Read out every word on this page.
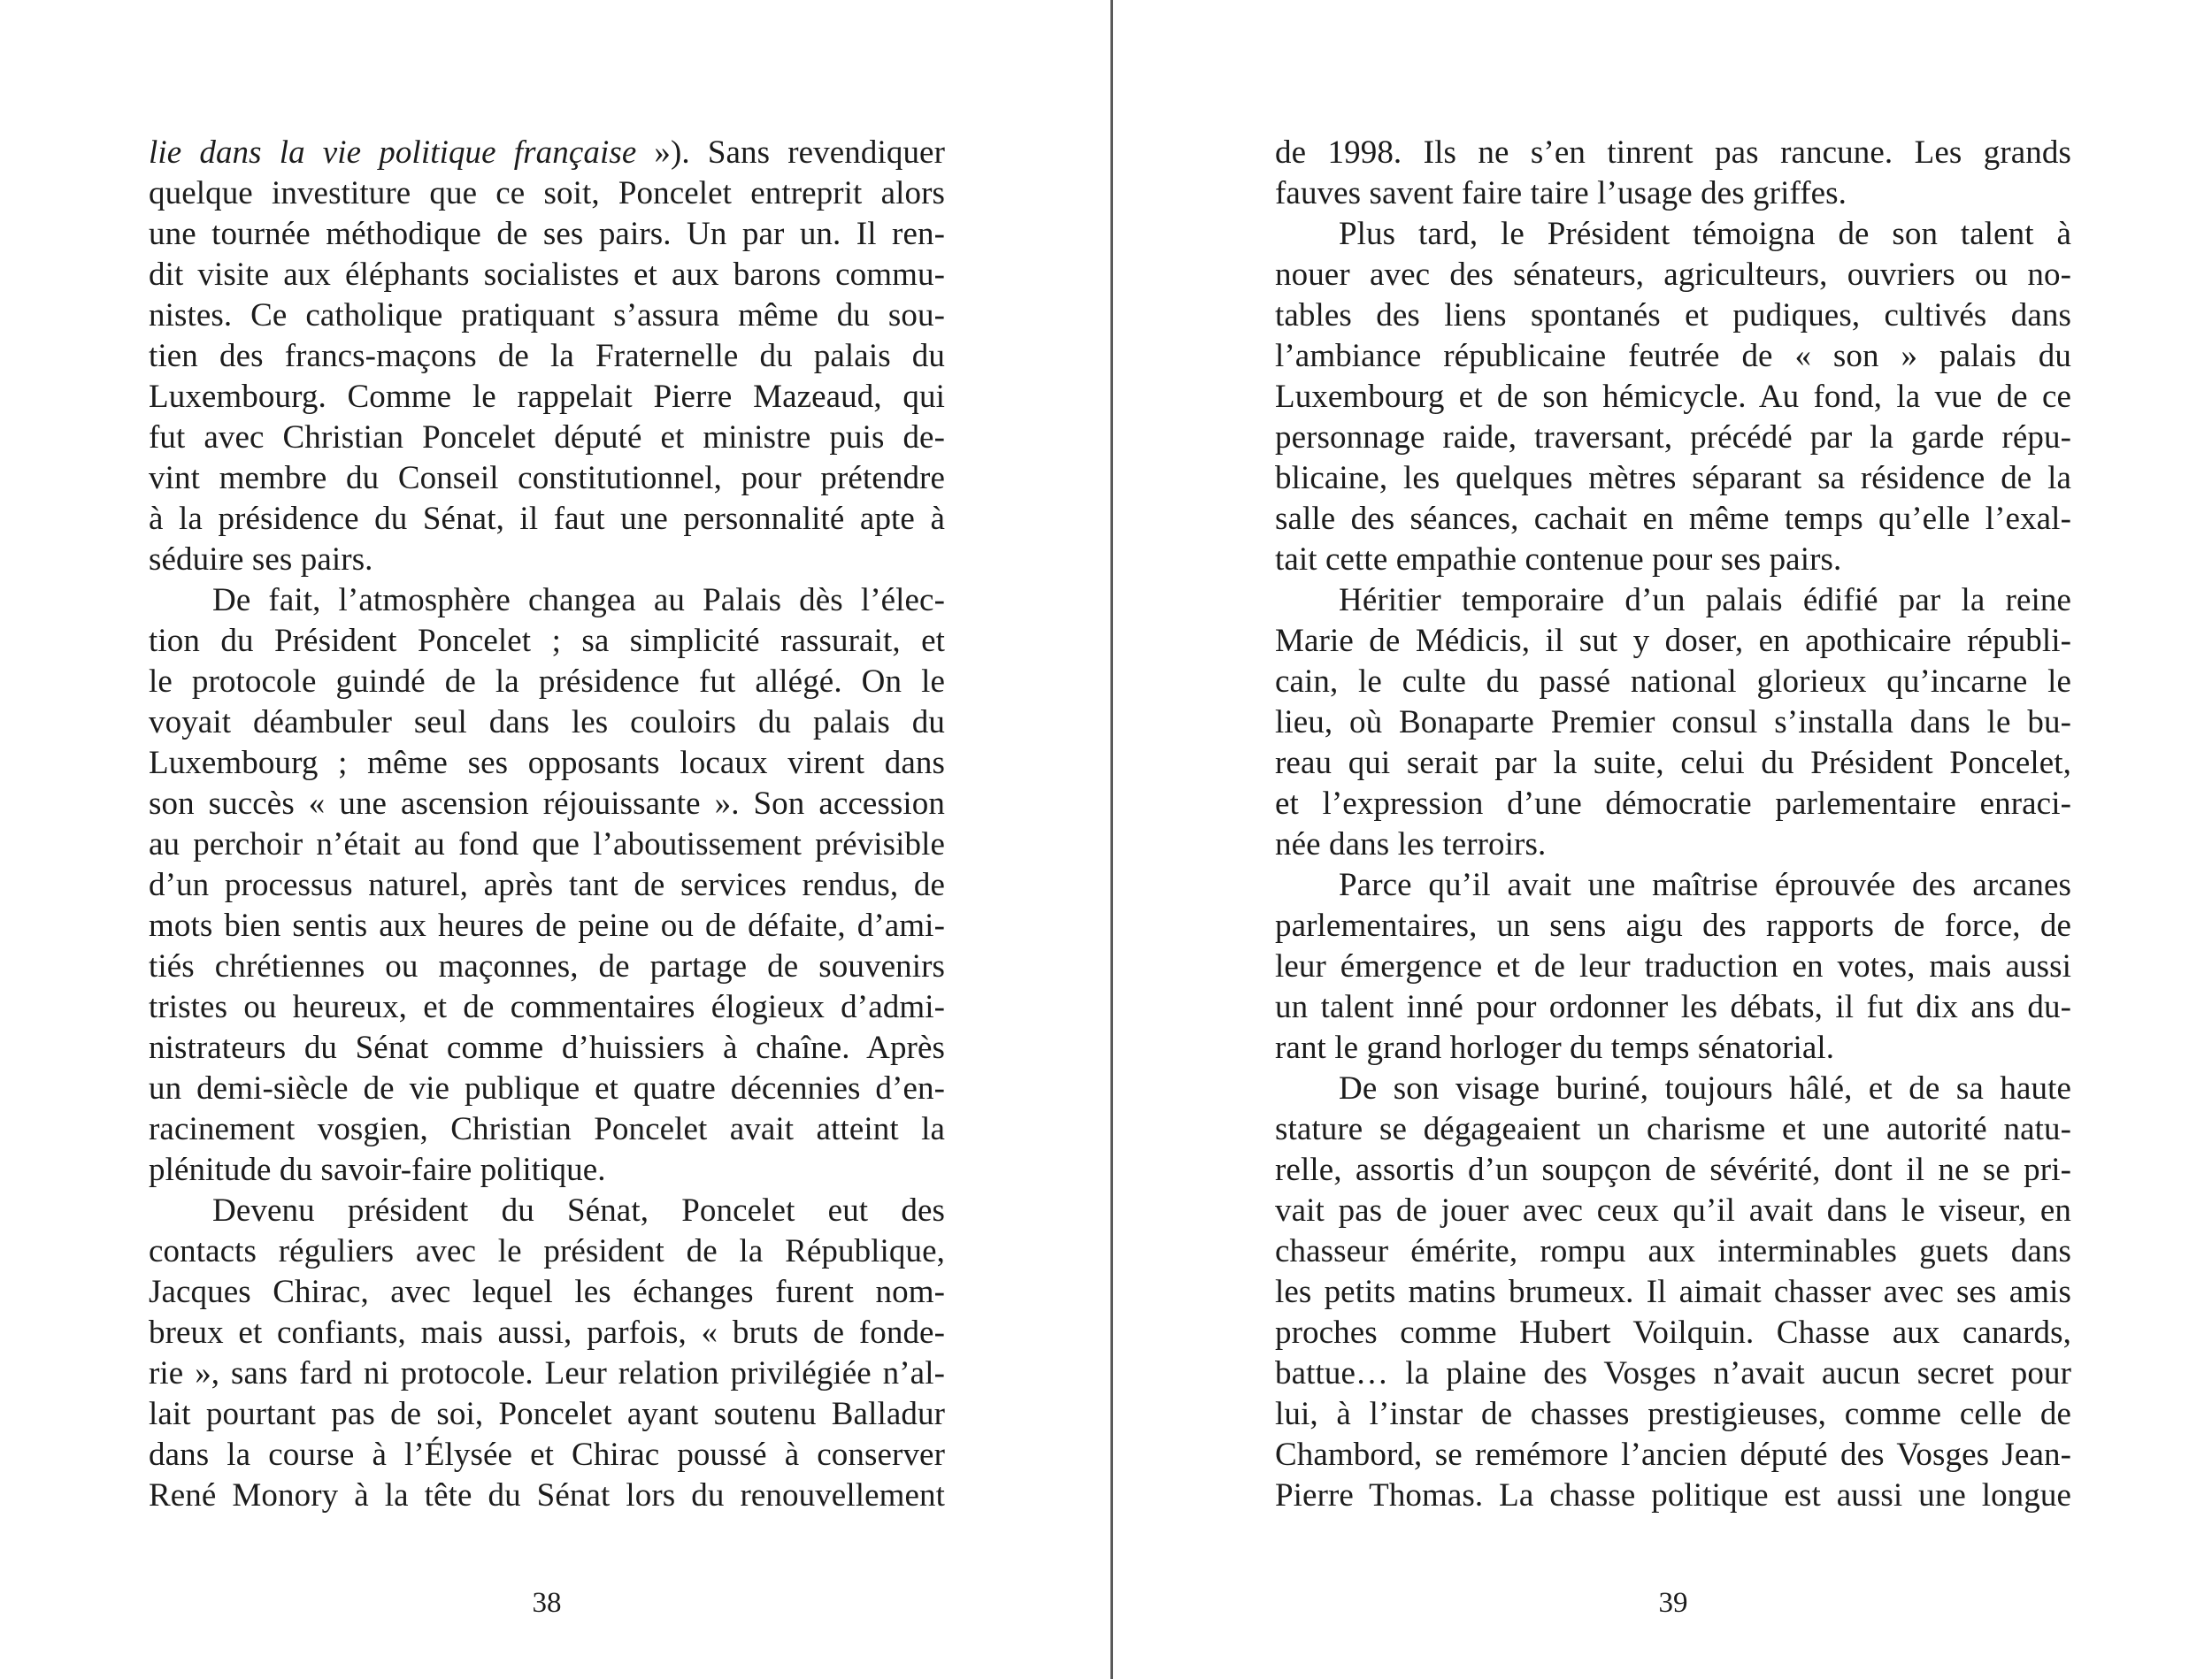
lie dans la vie politique française »). Sans revendiquer
quelque investiture que ce soit, Poncelet entreprit alors
une tournée méthodique de ses pairs. Un par un. Il ren-
dit visite aux éléphants socialistes et aux barons commu-
nistes. Ce catholique pratiquant s’assura même du sou-
tien des francs-maçons de la Fraternelle du palais du
Luxembourg. Comme le rappelait Pierre Mazeaud, qui
fut avec Christian Poncelet député et ministre puis de-
vint membre du Conseil constitutionnel, pour prétendre
à la présidence du Sénat, il faut une personnalité apte à
séduire ses pairs.
De fait, l’atmosphère changea au Palais dès l’élec-
tion du Président Poncelet ; sa simplicité rassurait, et
le protocole guindé de la présidence fut allégé. On le
voyait déambuler seul dans les couloirs du palais du
Luxembourg ; même ses opposants locaux virent dans
son succès « une ascension réjouissante ». Son accession
au perchoir n’était au fond que l’aboutissement prévisible
d’un processus naturel, après tant de services rendus, de
mots bien sentis aux heures de peine ou de défaite, d’ami-
tiés chrétiennes ou maçonnes, de partage de souvenirs
tristes ou heureux, et de commentaires élogieux d’admi-
nistrateurs du Sénat comme d’huissiers à chaîne. Après
un demi-siècle de vie publique et quatre décennies d’en-
racinement vosgien, Christian Poncelet avait atteint la
plénitude du savoir-faire politique.
Devenu président du Sénat, Poncelet eut des
contacts réguliers avec le président de la République,
Jacques Chirac, avec lequel les échanges furent nom-
breux et confiants, mais aussi, parfois, « bruts de fonde-
rie », sans fard ni protocole. Leur relation privilégiée n’al-
lait pourtant pas de soi, Poncelet ayant soutenu Balladur
dans la course à l’Élysée et Chirac poussé à conserver
René Monory à la tête du Sénat lors du renouvellement
38
de 1998. Ils ne s’en tinrent pas rancune. Les grands
fauves savent faire taire l’usage des griffes.
Plus tard, le Président témoigna de son talent à
nouer avec des sénateurs, agriculteurs, ouvriers ou no-
tables des liens spontanés et pudiques, cultivés dans
l’ambiance républicaine feutrée de « son » palais du
Luxembourg et de son hémicycle. Au fond, la vue de ce
personnage raide, traversant, précédé par la garde répu-
blicaine, les quelques mètres séparant sa résidence de la
salle des séances, cachait en même temps qu’elle l’exal-
tait cette empathie contenue pour ses pairs.
Héritier temporaire d’un palais édifié par la reine
Marie de Médicis, il sut y doser, en apothicaire républi-
cain, le culte du passé national glorieux qu’incarne le
lieu, où Bonaparte Premier consul s’installa dans le bu-
reau qui serait par la suite, celui du Président Poncelet,
et l’expression d’une démocratie parlementaire enraci-
née dans les terroirs.
Parce qu’il avait une maîtrise éprouvée des arcanes
parlementaires, un sens aigu des rapports de force, de
leur émergence et de leur traduction en votes, mais aussi
un talent inné pour ordonner les débats, il fut dix ans du-
rant le grand horloger du temps sénatorial.
De son visage buriné, toujours hâlé, et de sa haute
stature se dégageaient un charisme et une autorité natu-
relle, assortis d’un soupçon de sévérité, dont il ne se pri-
vait pas de jouer avec ceux qu’il avait dans le viseur, en
chasseur émérite, rompu aux interminables guets dans
les petits matins brumeux. Il aimait chasser avec ses amis
proches comme Hubert Voilquin. Chasse aux canards,
battue… la plaine des Vosges n’avait aucun secret pour
lui, à l’instar de chasses prestigieuses, comme celle de
Chambord, se remémore l’ancien député des Vosges Jean-
Pierre Thomas. La chasse politique est aussi une longue
39
